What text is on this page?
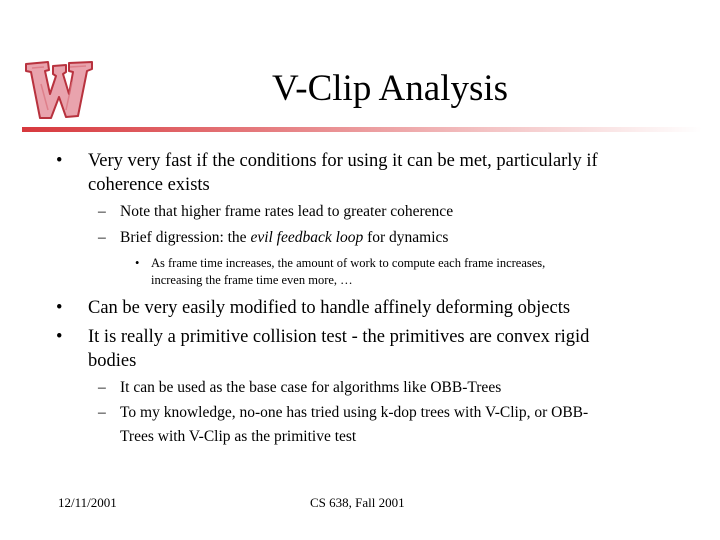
V-Clip Analysis
• Very very fast if the conditions for using it can be met, particularly if
coherence exists
– Note that higher frame rates lead to greater coherence
– Brief digression: the evil feedback loop for dynamics
• As frame time increases, the amount of work to compute each frame increases,
increasing the frame time even more, …
• Can be very easily modified to handle affinely deforming objects
• It is really a primitive collision test - the primitives are convex rigid
bodies
– It can be used as the base case for algorithms like OBB-Trees
– To my knowledge, no-one has tried using k-dop trees with V-Clip, or OBB-
Trees with V-Clip as the primitive test
12/11/2001	CS 638, Fall 2001
